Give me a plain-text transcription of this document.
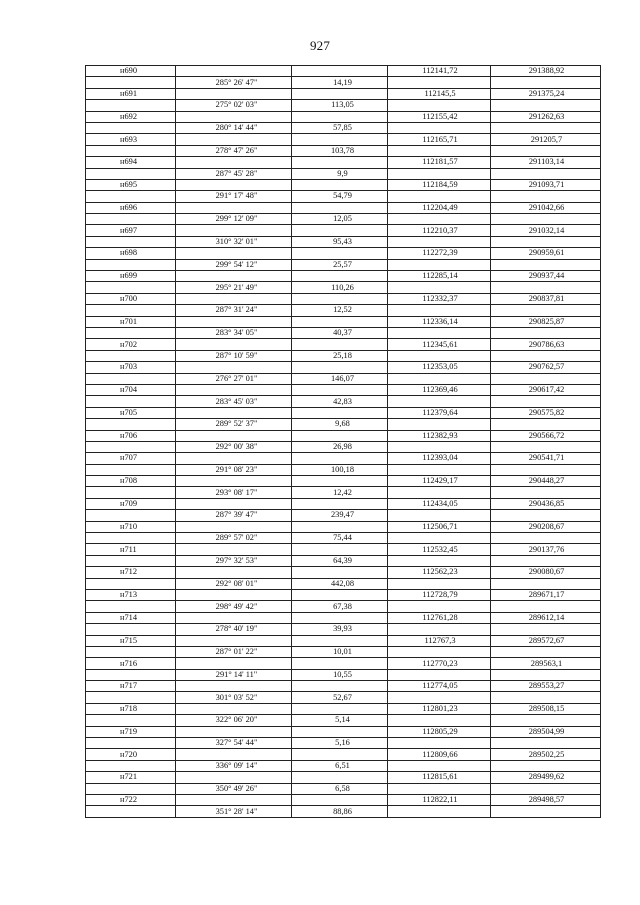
927
н690			112141,72	291388,92
	285° 26' 47"	14,19		
н691			112145,5	291375,24
	275° 02' 03"	113,05		
н692			112155,42	291262,63
	280° 14' 44"	57,85		
н693			112165,71	291205,7
	278° 47' 26"	103,78		
н694			112181,57	291103,14
	287° 45' 28"	9,9		
н695			112184,59	291093,71
	291° 17' 48"	54,79		
н696			112204,49	291042,66
	299° 12' 09"	12,05		
н697			112210,37	291032,14
	310° 32' 01"	95,43		
н698			112272,39	290959,61
	299° 54' 12"	25,57		
н699			112285,14	290937,44
	295° 21' 49"	110,26		
н700			112332,37	290837,81
	287° 31' 24"	12,52		
н701			112336,14	290825,87
	283° 34' 05"	40,37		
н702			112345,61	290786,63
	287° 10' 59"	25,18		
н703			112353,05	290762,57
	276° 27' 01"	146,07		
н704			112369,46	290617,42
	283° 45' 03"	42,83		
н705			112379,64	290575,82
	289° 52' 37"	9,68		
н706			112382,93	290566,72
	292° 00' 38"	26,98		
н707			112393,04	290541,71
	291° 08' 23"	100,18		
н708			112429,17	290448,27
	293° 08' 17"	12,42		
н709			112434,05	290436,85
	287° 39' 47"	239,47		
н710			112506,71	290208,67
	289° 57' 02"	75,44		
н711			112532,45	290137,76
	297° 32' 53"	64,39		
н712			112562,23	290080,67
	292° 08' 01"	442,08		
н713			112728,79	289671,17
	298° 49' 42"	67,38		
н714			112761,28	289612,14
	278° 40' 19"	39,93		
н715			112767,3	289572,67
	287° 01' 22"	10,01		
н716			112770,23	289563,1
	291° 14' 11"	10,55		
н717			112774,05	289553,27
	301° 03' 52"	52,67		
н718			112801,23	289508,15
	322° 06' 20"	5,14		
н719			112805,29	289504,99
	327° 54' 44"	5,16		
н720			112809,66	289502,25
	336° 09' 14"	6,51		
н721			112815,61	289499,62
	350° 49' 26"	6,58		
н722			112822,11	289498,57
	351° 28' 14"	88,86		
